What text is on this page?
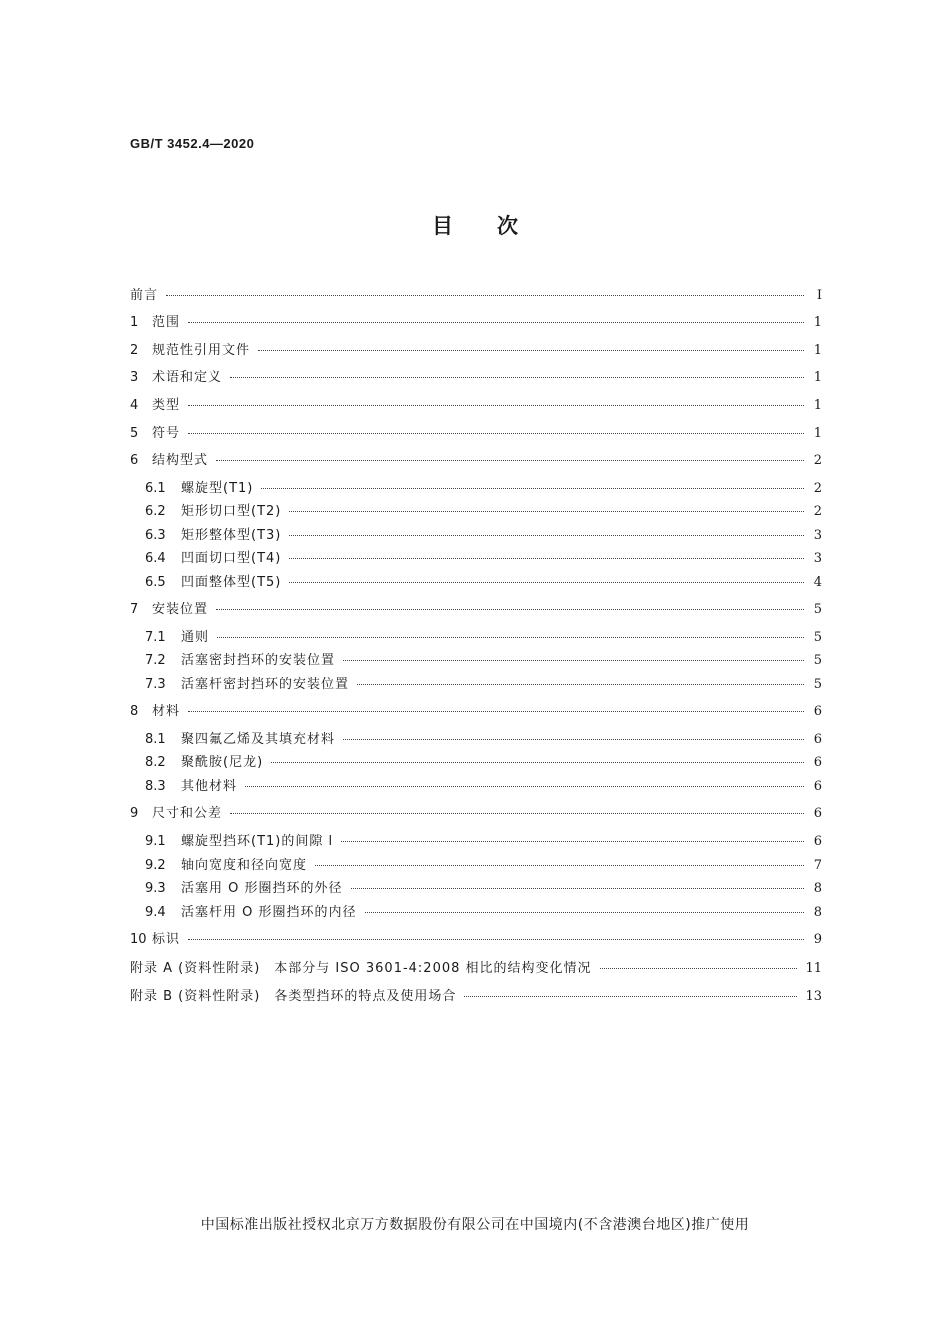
GB/T 3452.4—2020
目次
前言	Ⅰ
1	范围	1
2	规范性引用文件	1
3	术语和定义	1
4	类型	1
5	符号	1
6	结构型式	2
6.1	螺旋型(T1)	2
6.2	矩形切口型(T2)	2
6.3	矩形整体型(T3)	3
6.4	凹面切口型(T4)	3
6.5	凹面整体型(T5)	4
7	安装位置	5
7.1	通则	5
7.2	活塞密封挡环的安装位置	5
7.3	活塞杆密封挡环的安装位置	5
8	材料	6
8.1	聚四氟乙烯及其填充材料	6
8.2	聚酰胺(尼龙)	6
8.3	其他材料	6
9	尺寸和公差	6
9.1	螺旋型挡环(T1)的间隙 l	6
9.2	轴向宽度和径向宽度	7
9.3	活塞用 O 形圈挡环的外径	8
9.4	活塞杆用 O 形圈挡环的内径	8
10 标识	9
附录 A (资料性附录)　本部分与 ISO 3601-4:2008 相比的结构变化情况	11
附录 B (资料性附录)　各类型挡环的特点及使用场合	13
中国标准出版社授权北京万方数据股份有限公司在中国境内(不含港澳台地区)推广使用
